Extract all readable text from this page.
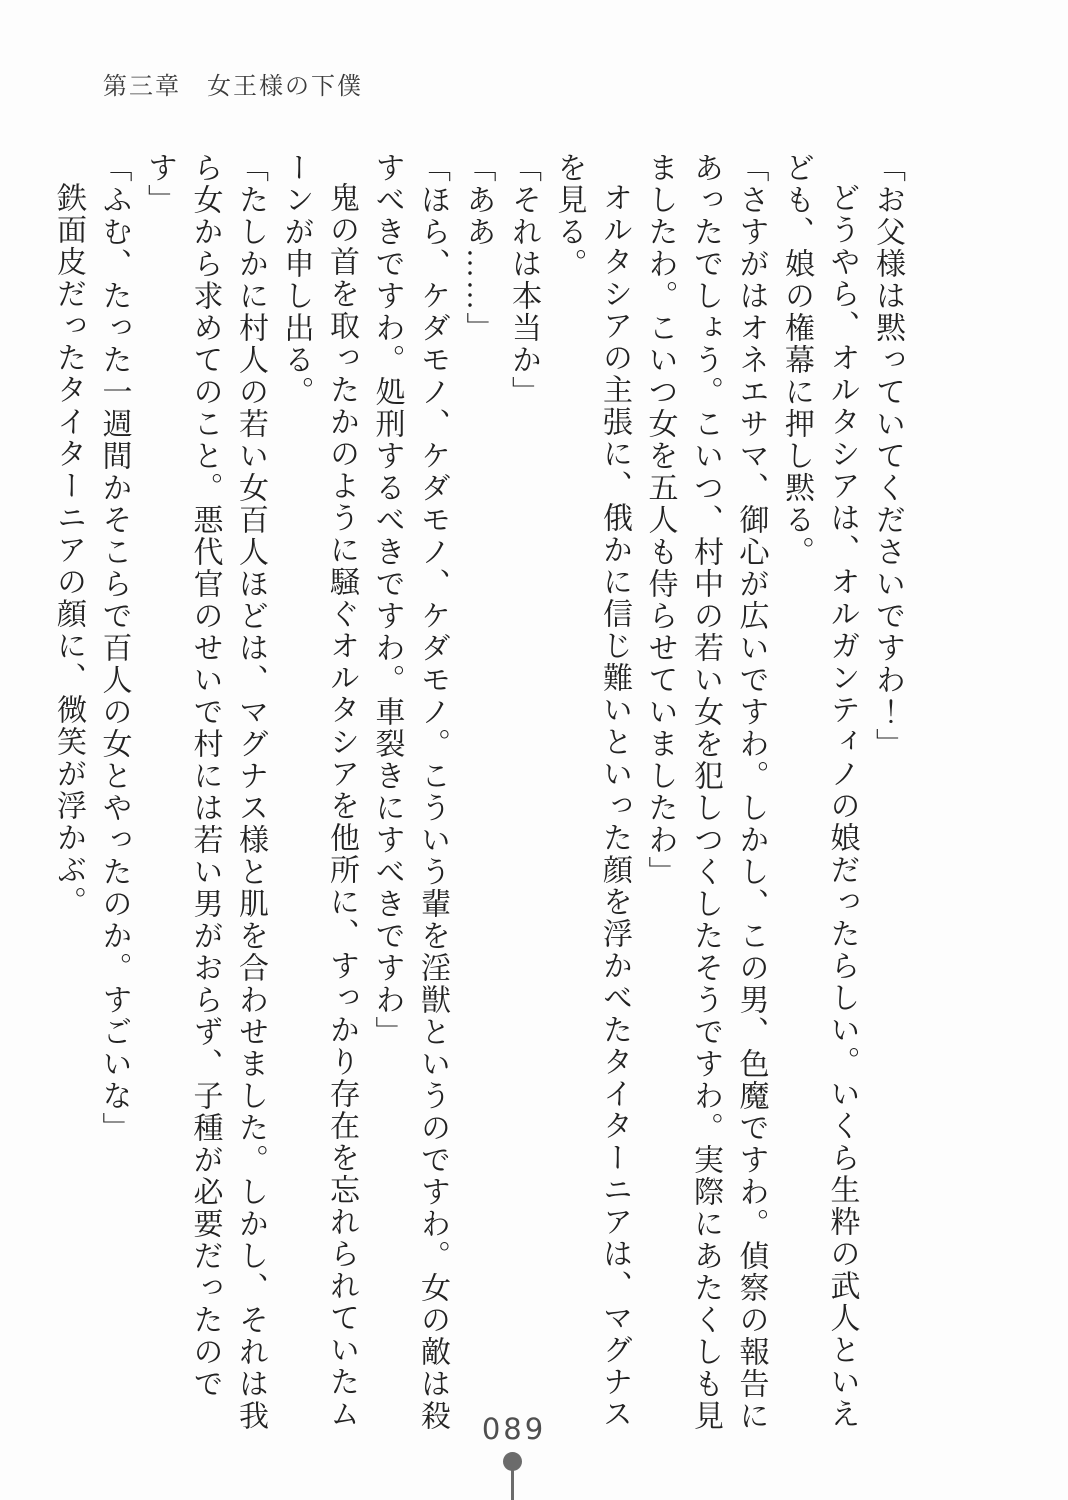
第三章　女王様の下僕

「お父様は黙っていてくださいですわ！」

どうやら、オルタシアは、オルガンティノの娘だったらしい。いくら生粋の武人といえども、娘の権幕に押し黙る。

「さすがはオネエサマ、御心が広いですわ。しかし、この男、色魔ですわ。偵察の報告にあったでしょう。こいつ、村中の若い女を犯しつくしたそうですわ。実際にあたくしも見ましたわ。こいつ女を五人も侍らせていましたわ」

オルタシアの主張に、俄かに信じ難いといった顔を浮かべたタイターニアは、マグナスを見る。

「それは本当か」

「ああ……」

「ほら、ケダモノ、ケダモノ、ケダモノ。こういう輩を淫獣というのですわ。女の敵は殺すべきですわ。処刑するべきですわ。車裂きにすべきですわ」

鬼の首を取ったかのように騒ぐオルタシアを他所に、すっかり存在を忘れられていたムーンが申し出る。

「たしかに村人の若い女百人ほどは、マグナス様と肌を合わせました。しかし、それは我ら女から求めてのこと。悪代官のせいで村には若い男がおらず、子種が必要だったのです」

「ふむ、たった一週間かそこらで百人の女とやったのか。すごいな」

鉄面皮だったタイターニアの顔に、微笑が浮かぶ。

089
